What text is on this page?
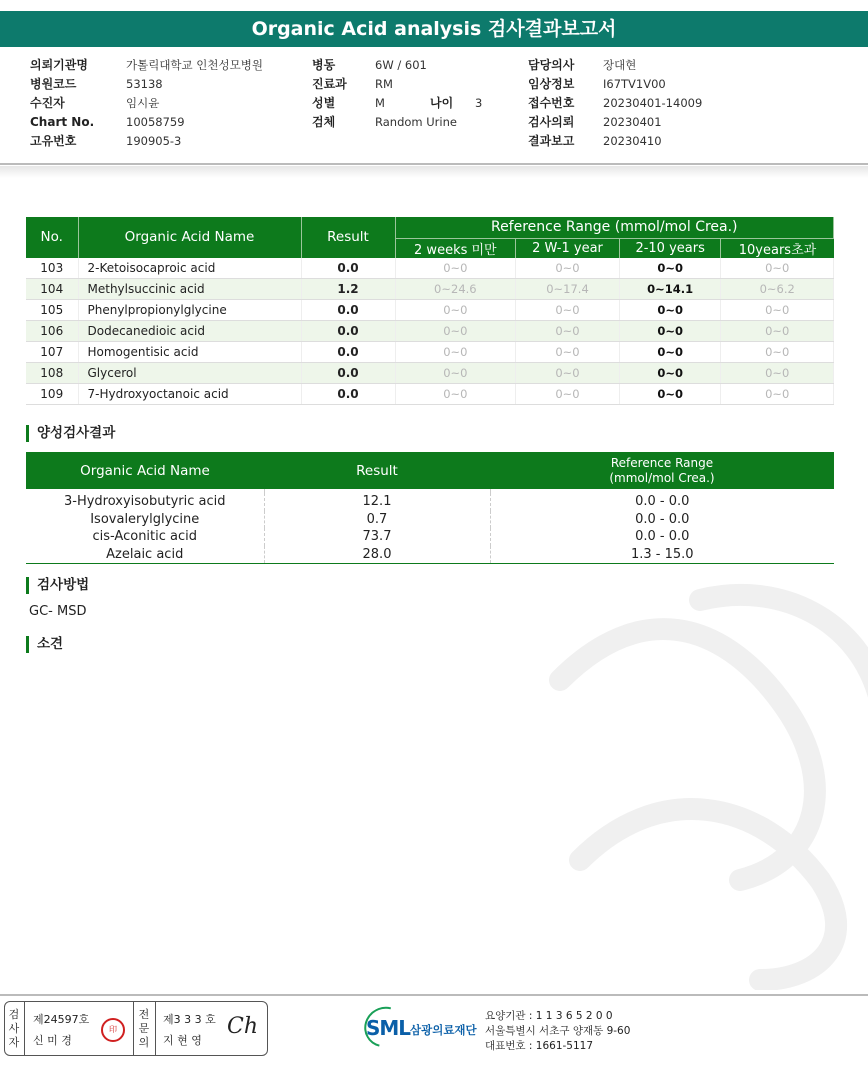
Organic Acid analysis 검사결과보고서
의뢰기관명	가톨릭대학교 인천성모병원
병원코드	53138
수진자	임시윤
Chart No.	10058759
고유번호	190905-3
병동	6W / 601
진료과 RM
성별	M	나이 3
검체	Random Urine
담당의사 장대현
임상정보 I67TV1V00
접수번호 20230401-14009
검사의뢰 20230401
결과보고 20230410
No.	Organic Acid Name	Result	Reference Range (mmol/mol Crea.)			
			2 weeks 미만	2 W-1 year	2-10 years	10years초과
103	2-Ketoisocaproic acid	0.0	0~0	0~0	0~0	0~0
104	Methylsuccinic acid	1.2	0~24.6	0~17.4	0~14.1	0~6.2
105	Phenylpropionylglycine	0.0	0~0	0~0	0~0	0~0
106	Dodecanedioic acid	0.0	0~0	0~0	0~0	0~0
107	Homogentisic acid	0.0	0~0	0~0	0~0	0~0
108	Glycerol	0.0	0~0	0~0	0~0	0~0
109	7-Hydroxyoctanoic acid	0.0	0~0	0~0	0~0	0~0
양성검사결과
Organic Acid Name	Result	Reference Range
(mmol/mol Crea.)

3-Hydroxyisobutyric acid	12.1	0.0 - 0.0
Isovalerylglycine	0.7	0.0 - 0.0
cis-Aconitic acid	73.7	0.0 - 0.0
Azelaic acid	28.0	1.3 - 15.0
검사방법
GC- MSD
소견
검
사
자
제24597호
신 미 경
印
전
문
의
제3 3 3 호
지 현 영
Ch	SML 삼광의료재단
요양기관 : 1 1 3 6 5 2 0 0
서울특별시 서초구 양재동 9-60
대표번호 : 1661-5117
